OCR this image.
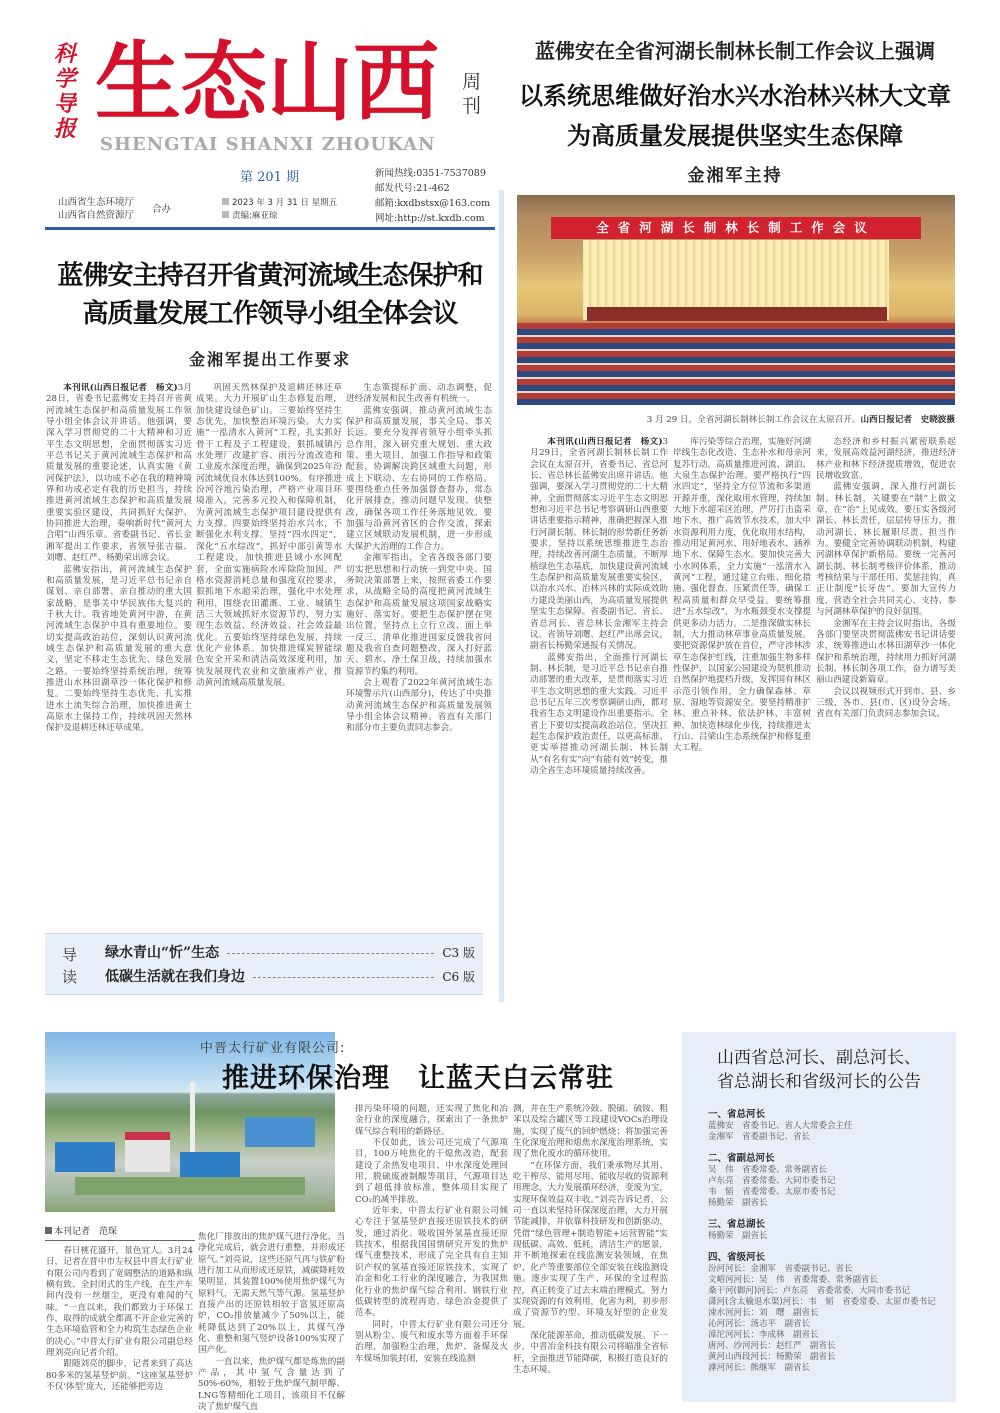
科学导报 生态山西 周刊
SHENGTAI SHANXI ZHOUKAN
第 201 期
山西省生态环境厅
山西省自然资源厅
合办
2023 年 3 月 31 日 星期五
责编:麻亚琼
新闻热线:0351-7537089
邮发代号:21-462
邮箱:kxdbstsx@163.com
网址:http://st.kxdb.com
蓝佛安主持召开省黄河流域生态保护和
高质量发展工作领导小组全体会议
金湘军提出工作要求

本刊讯(山西日报记者　杨文)3月28日，省委书记蓝佛安主持召开省黄河流域生态保护和高质量发展工作领导小组全体会议并讲话。他强调，要深入学习贯彻党的二十大精神和习近平生态文明思想，全面贯彻落实习近平总书记关于黄河流域生态保护和高质量发展的重要论述，认真实施《黄河保护法》，以功成不必在我的精神境界和功成必定有我的历史担当，持续推进黄河流域生态保护和高质量发展重要实验区建设，共同抓好大保护、协同推进大治理，奏响新时代“黄河大合唱”山西乐章。省委副书记、省长金湘军提出工作要求，省领导张吉福、刘曙、赵红严、杨勤荣出席会议。

蓝佛安指出，黄河流域生态保护和高质量发展，是习近平总书记亲自谋划、亲自部署、亲自推动的重大国家战略，是事关中华民族伟大复兴的千秋大计。我省地处黄河中游，在黄河流域生态保护中具有重要地位。要切实提高政治站位，深刻认识黄河流域生态保护和高质量发展的重大意义，坚定不移走生态优先、绿色发展之路。一要始终坚持系统治理，统筹推进山水林田湖草沙一体化保护和修复。二要始终坚持生态优先，扎实推进水土流失综合治理，加快推进黄土高原水土保持工作，持续巩固天然林保护及退耕还林还草成果。

巩固天然林保护及退耕还林还草成果。大力开展矿山生态修复治理，加快建设绿色矿山。三要始终坚持生态优先，加快整治环境污染。大力实施“一泓清水入黄河”工程，扎实抓好骨干工程及子工程建设，狠抓城镇污水处理厂改建扩容、雨污分流改造和工业废水深度治理，确保到2025年汾河流域优良水体达到100%。有序推进汾河谷地污染治理，严格产业项目环境准入。完善多元投入和保障机制，为黄河流域生态保护项目建设提供有力支撑。四要始终坚持治水兴水，不断强化水利支撑。坚持“四水四定”，深化“五水综改”，抓好中部引黄等水工程建设，加快推进县域小水网配套，全面实施病险水库除险加固。严格水资源消耗总量和强度双控要求，狠抓地下水超采治理，强化中水处理利用，围绕农田灌溉、工业、城镇生活三大领域抓好水资源节约，努力实现生态效益、经济效益、社会效益最优化。五要始终坚持绿色发展，持续优化产业体系。加快推进煤炭智能绿色安全开采和清洁高效深度利用，加快发展现代农业和文旅康养产业，推动黄河流域高质量发展。

生态策提标扩面、动态调整，促进经济发展和民生改善有机统一。

蓝佛安强调，推动黄河流域生态保护和高质量发展，事关全局、事关长远。要充分发挥省领导小组牵头抓总作用，深入研究重大规划、重大政策、重大项目，加强工作指导和政策配套，协调解决跨区域重大问题，形成上下联动、左右协同的工作格局。要围绕重点任务加强督查督办，常态化开展排查，推动问题早发现、快整改，确保各项工作任务落地见效。要加强与沿黄河省区的合作交流，探索建立区域联动发展机制，进一步形成大保护大治理的工作合力。

金湘军指出，全省各级各部门要切实把思想和行动统一到党中央、国务院决策部署上来，按照省委工作要求，从战略全局的高度把黄河流域生态保护和高质量发展这项国家战略实施好、落实好。要把生态保护摆在突出位置，坚持点上立行立改、面上举一反三，清单化推进国家反馈我省问题及我省自查问题整改，深入打好蓝天、碧水、净土保卫战，持续加强水资源节约集约利用。

会上观看了2022年黄河流域生态环境警示片(山西部分)，传达了中央推动黄河流域生态保护和高质量发展领导小组全体会议精神。省直有关部门和部分市主要负责同志参会。

导读
绿水青山“忻”生态	C3 版
低碳生活就在我们身边	C6 版
蓝佛安在全省河湖长制林长制工作会议上强调
以系统思维做好治水兴水治林兴林大文章
为高质量发展提供坚实生态保障
金湘军主持
全省河湖长制林长制工作会议
3 月 29 日，全省河湖长制林长制工作会议在太原召开。山西日报记者　史晓波摄

本刊讯(山西日报记者　杨文)3月29日，全省河湖长制林长制工作会议在太原召开，省委书记、省总河长、省总林长蓝佛安出席并讲话。他强调，要深入学习贯彻党的二十大精神，全面贯彻落实习近平生态文明思想和习近平总书记考察调研山西重要讲话重要指示精神，准确把握深入推行河湖长制、林长制的形势新任务新要求，坚持以系统思维推进生态治理，持续改善河湖生态质量，不断厚植绿色生态基底，加快建设黄河流域生态保护和高质量发展重要实验区，以治水兴水、治林兴林的实际成效助力建设美丽山西，为高质量发展提供坚实生态保障。省委副书记、省长、省总河长、省总林长金湘军主持会议。省领导刘曙、赵红严出席会议。副省长杨勤荣通报有关情况。

蓝佛安指出，全面推行河湖长制、林长制，是习近平总书记亲自推动部署的重大改革，是贯彻落实习近平生态文明思想的重大实践。习近平总书记五年三次考察调研山西，都对我省生态文明建设作出重要指示。全省上下要切实提高政治站位，坚决扛起生态保护政治责任，以更高标准、更实举措推动河湖长制、林长制从“有名有实”向“有能有效”转变，推动全省生态环境质量持续改善。

库污染等综合治理，实施好河湖岸线生态化改造、生态补水和母亲河复苏行动，高质量推进河流、湖泊、大泉生态保护治理。要严格执行“四水四定”，坚持全方位节流和多渠道开源并重，深化取用水管理，持续加大地下水超采区治理，严厉打击盗采地下水，推广高效节水技术，加大中水资源利用力度，优化取用水结构，推动用足黄河水、用好地表水、涵养地下水、保障生态水。要加快完善大小水网体系，全力实施“一泓清水入黄河”工程，通过建立台账、细化措施、强化督查、压紧责任等，确保工程高质量和群众早受益。要统筹推进“五水综改”，为水瓶颈变水支撑提供更多动力活力。二是推深做实林长制，大力推动林草事业高质量发展。要把资源保护放在首位，严守涉林涉草生态保护红线，注重加强生物多样性保护，以国家公园建设为契机推动自然保护地提档升级，发挥国有林区示范引领作用，全力确保森林、草原、湿地等资源安全。要坚持精准扩林、重点补林、依法护林、丰富树种，加快造林绿化步伐，持续推进太行山、吕梁山生态系统保护和修复重大工程。

态经济和乡村振兴紧密联系起来，发展高效益河湖经济，推进经济林产业和林下经济提质增效，促进农民增收致富。

蓝佛安强调，深入推行河湖长制、林长制，关键要在“制”上做文章，在“治”上见成效。要压实各级河湖长、林长责任，层层传导压力，推动河湖长、林长履职尽责、担当作为。要健全完善协调联动机制，构建河湖林草保护新格局。要统一完善河湖长制、林长制考核评价体系，推动考核结果与干部任用、奖惩挂钩，真正让制度“长牙齿”。要加大宣传力度，营造全社会共同关心、支持、参与河湖林草保护的良好氛围。

金湘军在主持会议时指出，各级各部门要坚决贯彻蓝佛安书记讲话要求，统筹推进山水林田湖草沙一体化保护和系统治理，持续用力抓好河湖长制、林长制各项工作，奋力谱写美丽山西建设新篇章。

会议以视频形式开到市、县、乡三级，各市、县(市、区)设分会场。省直有关部门负责同志参加会议。

中晋太行矿业有限公司:
推进环保治理　让蓝天白云常驻
本刊记者　范琛

春日桃花盛开，景色宜人。3月24日，记者在晋中市左权县中晋太行矿业有限公司内看到了宽阔整洁的道路和纵横有致、全封闭式的生产线，在生产车间内没有一丝烟尘，更没有难闻的气味。“一直以来，我们都致力于环保工作，取得的成就全都离不开企业完善的生态环境监管和全力构筑生态绿色企业的决心。”中晋太行矿业有限公司副总经理刘亮向记者介绍。

跟随刘亮的脚步，记者来到了高达80多米的氢基竖炉前。“这座氢基竖炉不仅‘体型’庞大，还能够把旁边

焦化厂排放出的焦炉煤气进行净化，当净化完成后，就会进行重整，并形成还原气。”刘亮说，这些还原气再与铁矿粉进行加工从而形成还原铁，减碳降耗效果明显，其装置100%使用焦炉煤气为原料气，无需天然气等气源。氢基竖炉直接产出的还原铁相较于富氢还原高炉，CO₂排放量减少了50%以上，能耗降低达到了20%以上，其煤气净化、重整和氢气竖炉设备100%实现了国产化。

一直以来，焦炉煤气都是炼焦的副产品，其中氢气含量达到了50%-60%，相较于焦炉煤气制甲醇、LNG等精细化工项目，该项目不仅解决了焦炉煤气直

排污染环境的问题，还实现了焦化和冶金行业的深度融合，探索出了一条焦炉煤气综合利用的新路径。

不仅如此，该公司还完成了气源项目，100万吨焦化的干熄焦改造，配套建设了余热发电项目、中水深度处理回用、脱硫废液制酸等项目，气源项目达到了超低排放标准，整体项目实现了CO₂的减半排放。

近年来，中晋太行矿业有限公司倾心专注于氢基竖炉直接还原铁技术的研发，通过消化、吸收国外氢基直接还原铁技术，根据我国国情研究开发的焦炉煤气重整技术，形成了完全具有自主知识产权的氢基直接还原铁技术，实现了冶金和化工行业的深度融合，为我国焦化行业的焦炉煤气综合利用、钢铁行业低碳转型的流程再造、绿色冶金提供了范本。

同时，中晋太行矿业有限公司还分别从粉尘、废气和废水等方面着手环保治理，加强粉尘治理，焦炉、备煤及火车煤场加装封闭，安装在线监测

测，并在生产系统冷鼓、脱硫、硫铵、粗苯以及综合罐区等工段建设VOCs治理设施，实现了废气的回炉燃烧；将加强完善生化深度治理和熄焦水深度治理系统，实现了焦化废水的循环使用。

“在环保方面，我们秉承物尽其用、吃干榨尽、能用尽用、能收尽收的资源利用理念，大力发展循环经济，变废为宝，实现环保效益双丰收。”刘亮告诉记者，公司一直以来坚持环保深度治理，大力开展节能减排，并依靠科技研发和创新驱动，凭借“绿色管理+制造智能+运营智能”实现低碳、高效、低耗，清洁生产的愿景，并不断地探索在线监测安装领域，在焦炉、化产等重要部位全部安装在线监测设施。逐步实现了生产、环保的全过程监控，真正转变了过去末端治理模式。努力实现资源的有效利用，化害为利，初步形成了资源节约型、环境友好型的企业发展。

深化能源革命，推动低碳发展。下一步，中晋冶金科技有限公司将瞄准全省标杆，全面推进节能降碳，积极打造良好的生态环境。

山西省总河长、副总河长、
省总湖长和省级河长的公告
一、省总河长
蓝佛安　省委书记、省人大常委会主任
金湘军　省委副书记、省长
二、省副总河长
吴　伟　省委常委、常务副省长
卢东亮　省委常委、大同市委书记
韦　韬　省委常委、太原市委书记
杨勤荣　副省长
三、省总湖长
杨勤荣　副省长
四、省级河长
汾河河长：金湘军　省委副书记、省长
文峪河河长：吴　伟　省委常委、常务副省长
桑干河(御河)河长：卢东亮　省委常委、大同市委书记
潇河(含太榆退水渠)河长：韦　韬　省委常委、太原市委书记
涑水河河长：刘　曙　副省长
沁河河长：汤志平　副省长
漳沱河河长：李成林　副省长
唐河、沙河河长：赵红严　副省长
黄河山西段河长：杨勤荣　副省长
滹河河长：熊继军　副省长
